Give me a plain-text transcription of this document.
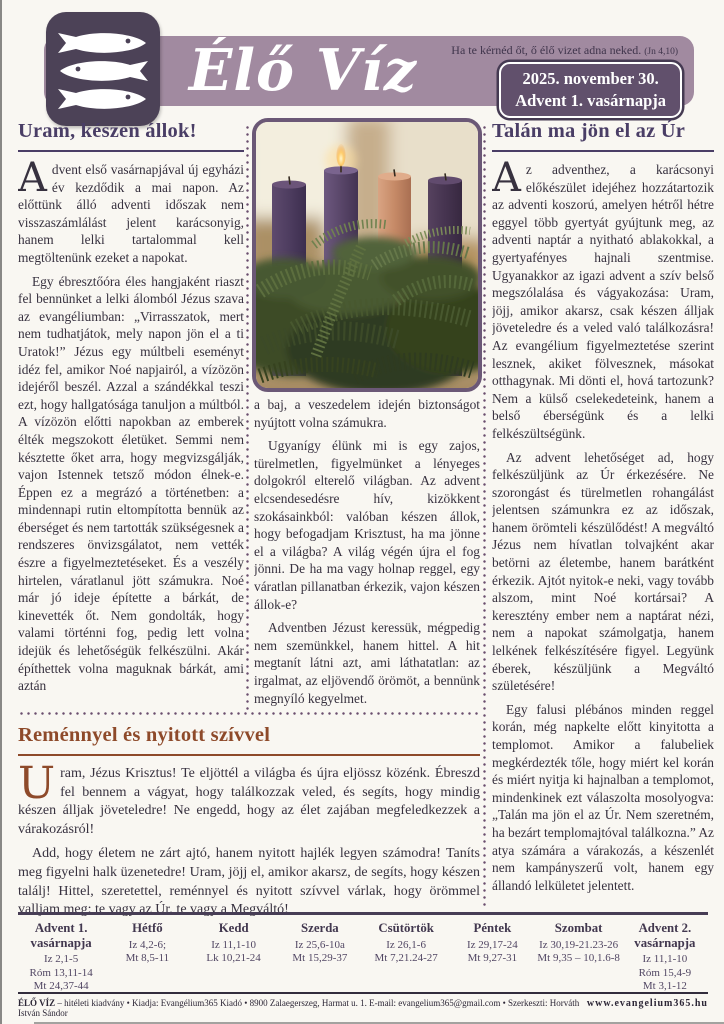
Ha te kérnéd őt, ő élő vizet adna neked. (Jn 4,10)
Élő Víz	2025. november 30.
Advent 1. vasárnapja
Uram, készen állok!

Advent első vasárnapjával új egyházi év kezdődik a mai napon. Az előttünk álló adventi időszak nem visszaszámlálást jelent karácsonyig, hanem lelki tartalommal kell megtöltenünk ezeket a napokat.

Egy ébresztőóra éles hangjaként riaszt fel bennünket a lelki álomból Jézus szava az evangéliumban: „Virrasszatok, mert nem tudhatjátok, mely napon jön el a ti Uratok!” Jézus egy múltbeli eseményt idéz fel, amikor Noé napjairól, a vízözön idejéről beszél. Azzal a szándékkal teszi ezt, hogy hallgatósága tanuljon a múltból. A vízözön előtti napokban az emberek élték megszokott életüket. Semmi nem késztette őket arra, hogy megvizsgálják, vajon Istennek tetsző módon élnek-e. Éppen ez a megrázó a történetben: a mindennapi rutin eltompította bennük az éberséget és nem tartották szükségesnek a rendszeres önvizsgálatot, nem vették észre a figyelmeztetéseket. És a veszély hirtelen, váratlanul jött számukra. Noé már jó ideje építette a bárkát, de kinevették őt. Nem gondolták, hogy valami történni fog, pedig lett volna idejük és lehetőségük felkészülni. Akár építhettek volna maguknak bárkát, ami aztán

a baj, a veszedelem idején biztonságot nyújtott volna számukra.

Ugyanígy élünk mi is egy zajos, türelmetlen, figyelmünket a lényeges dolgokról elterelő világban. Az advent elcsendesedésre hív, kizökkent szokásainkból: valóban készen állok, hogy befogadjam Krisztust, ha ma jönne el a világba? A világ végén újra el fog jönni. De ha ma vagy holnap reggel, egy váratlan pillanatban érkezik, vajon készen állok-e?

Adventben Jézust keressük, mégpedig nem szemünkkel, hanem hittel. A hit megtanít látni azt, ami láthatatlan: az irgalmat, az eljövendő örömöt, a bennünk megnyíló kegyelmet.

Talán ma jön el az Úr

Az adventhez, a karácsonyi előkészület idejéhez hozzátartozik az adventi koszorú, amelyen hétről hétre eggyel több gyertyát gyújtunk meg, az adventi naptár a nyitható ablakokkal, a gyertyafényes hajnali szentmise. Ugyanakkor az igazi advent a szív belső megszólalása és vágyakozása: Uram, jöjj, amikor akarsz, csak készen álljak jöveteledre és a veled való találkozásra! Az evangélium figyelmeztetése szerint lesznek, akiket fölvesznek, másokat otthagynak. Mi dönti el, hová tartozunk? Nem a külső cselekedeteink, hanem a belső éberségünk és a lelki felkészültségünk.

Az advent lehetőséget ad, hogy felkészüljünk az Úr érkezésére. Ne szorongást és türelmetlen rohangálást jelentsen számunkra ez az időszak, hanem örömteli készülődést! A megváltó Jézus nem hívatlan tolvajként akar betörni az életembe, hanem barátként érkezik. Ajtót nyitok-e neki, vagy tovább alszom, mint Noé kortársai? A keresztény ember nem a naptárat nézi, nem a napokat számolgatja, hanem lelkének felkészítésére figyel. Legyünk éberek, készüljünk a Megváltó születésére!

Egy falusi plébános minden reggel korán, még napkelte előtt kinyitotta a templomot. Amikor a falubeliek megkérdezték tőle, hogy miért kel korán és miért nyitja ki hajnalban a templomot, mindenkinek ezt válaszolta mosolyogva: „Talán ma jön el az Úr. Nem szeretném, ha bezárt templomajtóval találkozna.” Az atya számára a várakozás, a készenlét nem kampányszerű volt, hanem egy állandó lelkületet jelentett.

Reménnyel és nyitott szívvel

Uram, Jézus Krisztus! Te eljöttél a világba és újra eljössz közénk. Ébreszd fel bennem a vágyat, hogy találkozzak veled, és segíts, hogy mindig készen álljak jöveteledre! Ne engedd, hogy az élet zajában megfeledkezzek a várakozásról!

Add, hogy életem ne zárt ajtó, hanem nyitott hajlék legyen számodra! Taníts meg figyelni halk üzenetedre! Uram, jöjj el, amikor akarsz, de segíts, hogy készen találj! Hittel, szeretettel, reménnyel és nyitott szívvel várlak, hogy örömmel valljam meg: te vagy az Úr, te vagy a Megváltó!

Advent 1.
vasárnapja
Iz 2,1-5
Róm 13,11-14
Mt 24,37-44
Hétfő
Iz 4,2-6;
Mt 8,5-11
Kedd
Iz 11,1-10
Lk 10,21-24
Szerda
Iz 25,6-10a
Mt 15,29-37
Csütörtök
Iz 26,1-6
Mt 7,21.24-27
Péntek
Iz 29,17-24
Mt 9,27-31
Szombat
Iz 30,19-21.23-26
Mt 9,35 – 10,1.6-8
Advent 2.
vasárnapja
Iz 11,1-10
Róm 15,4-9
Mt 3,1-12
ÉLŐ VÍZ – hitéleti kiadvány • Kiadja: Evangélium365 Kiadó • 8900 Zalaegerszeg, Harmat u. 1. E-mail: evangelium365@gmail.com • Szerkeszti: Horváth István Sándor
www.evangelium365.hu
